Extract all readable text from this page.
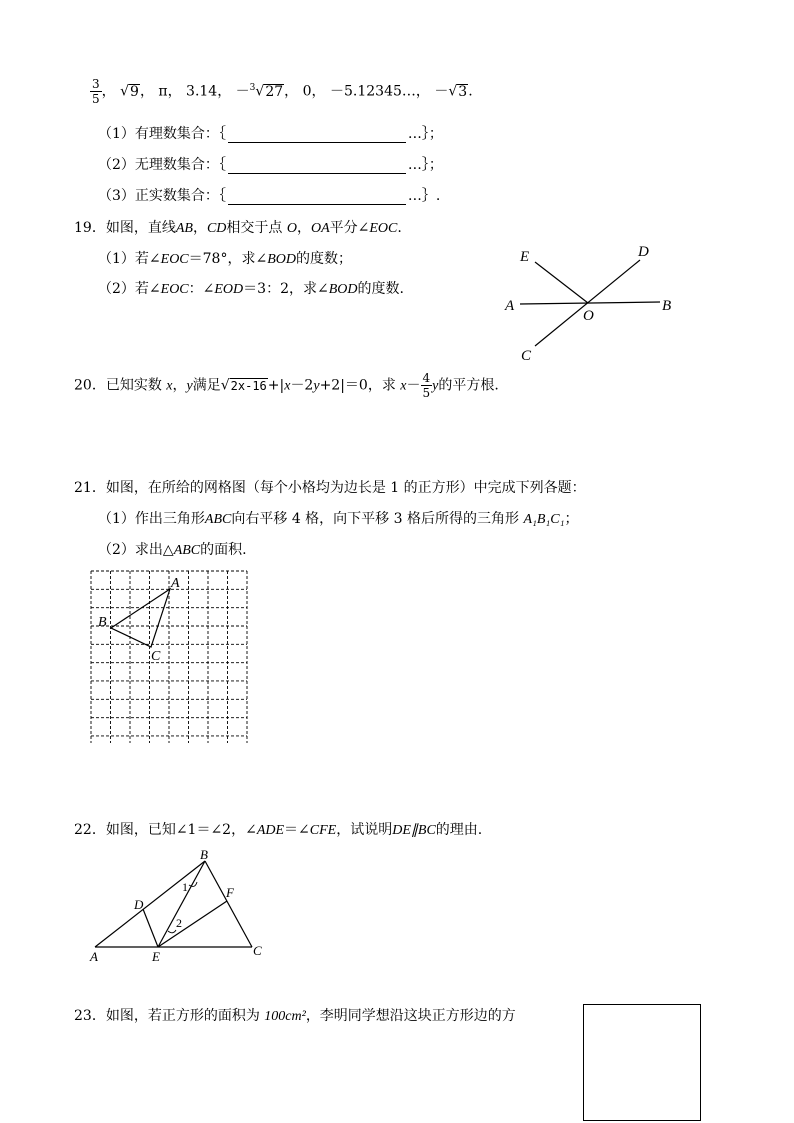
$\frac{3}{5}$ ， √9， π， 3.14， －$^3$√27， 0， －5.12345…， －√3.
（1）有理数集合：｛	…｝；
（2）无理数集合：｛	…｝；
（3）正实数集合：｛	…｝.
19．如图，直线AB，CD相交于点 O，OA平分∠EOC.
（1）若∠EOC＝78°，求∠BOD的度数；
（2）若∠EOC：∠EOD＝3：2，求∠BOD的度数.
E	D
A	B
O
C
20．已知实数 x，y满足√2x-16+|x－2y+2|＝0，求 $x- \frac{4}{5}$ y的平方根.
21．如图，在所给的网格图（每个小格均为边长是 1 的正方形）中完成下列各题：
（1）作出三角形ABC向右平移 4 格，向下平移 3 格后所得的三角形 A₁B₁C₁；
（2）求出△ABC的面积.
A
B
C
22．如图，已知∠1＝∠2，∠ADE＝∠CFE，试说明DE∥BC的理由.
A
B
C
D
E
F
1
2
23．如图，若正方形的面积为 100cm²，李明同学想沿这块正方形边的方
